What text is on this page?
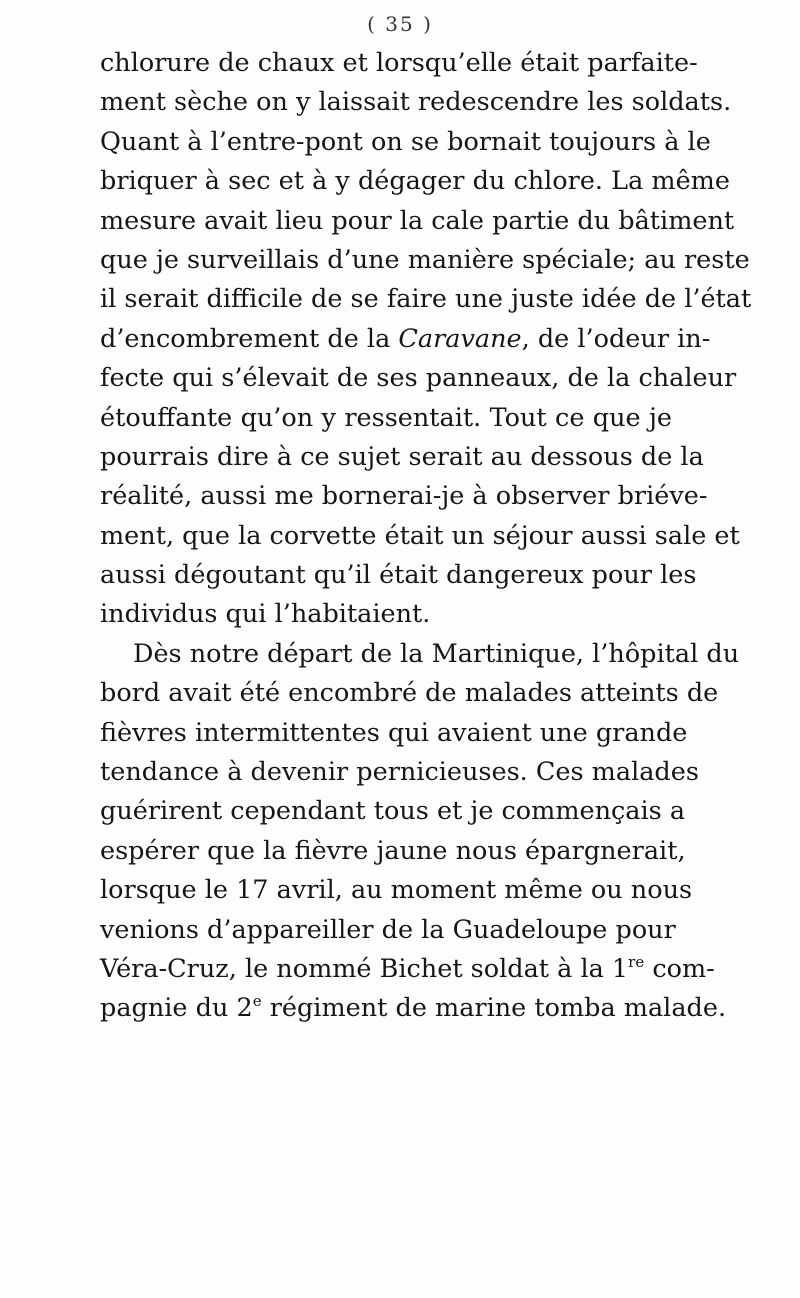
( 35 )
chlorure de chaux et lorsqu’elle était parfaite-
ment sèche on y laissait redescendre les soldats.
Quant à l’entre-pont on se bornait toujours à le
briquer à sec et à y dégager du chlore. La même
mesure avait lieu pour la cale partie du bâtiment
que je surveillais d’une manière spéciale; au reste
il serait difficile de se faire une juste idée de l’état
d’encombrement de la Caravane, de l’odeur in-
fecte qui s’élevait de ses panneaux, de la chaleur
étouffante qu’on y ressentait. Tout ce que je
pourrais dire à ce sujet serait au dessous de la
réalité, aussi me bornerai-je à observer briéve-
ment, que la corvette était un séjour aussi sale et
aussi dégoutant qu’il était dangereux pour les
individus qui l’habitaient.
Dès notre départ de la Martinique, l’hôpital du
bord avait été encombré de malades atteints de
fièvres intermittentes qui avaient une grande
tendance à devenir pernicieuses. Ces malades
guérirent cependant tous et je commençais a
espérer que la fièvre jaune nous épargnerait,
lorsque le 17 avril, au moment même ou nous
venions d’appareiller de la Guadeloupe pour
Véra-Cruz, le nommé Bichet soldat à la 1re com-
pagnie du 2e régiment de marine tomba malade.
